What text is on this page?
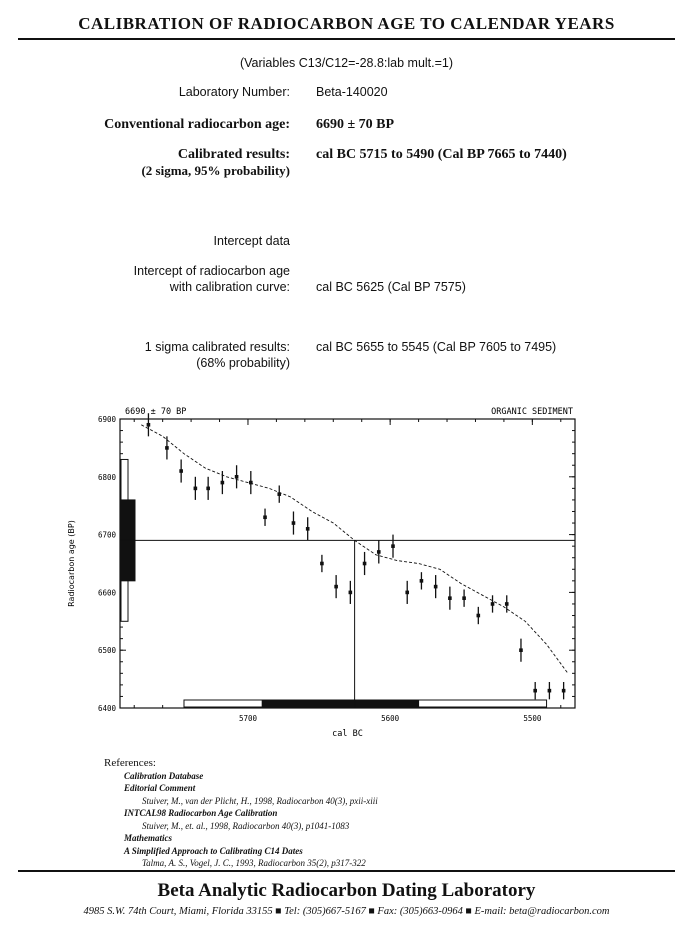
CALIBRATION OF RADIOCARBON AGE TO CALENDAR YEARS
(Variables C13/C12=-28.8:lab mult.=1)
Laboratory Number: Beta-140020
Conventional radiocarbon age: 6690 ± 70 BP
Calibrated results:
(2 sigma, 95% probability)
cal BC 5715 to 5490 (Cal BP 7665 to 7440)
Intercept data
Intercept of radiocarbon age
with calibration curve: cal BC 5625 (Cal BP 7575)
1 sigma calibrated results:
(68% probability)
cal BC 5655 to 5545 (Cal BP 7605 to 7495)
6690 ± 70 BP	ORGANIC SEDIMENT
6400
6500
6600
6700
6800
6900
5700	5600	5500
cal BC
Radiocarbon age (BP)
References:
Calibration Database
Editorial Comment
Stuiver, M., van der Plicht, H., 1998, Radiocarbon 40(3), pxii-xiii
INTCAL98 Radiocarbon Age Calibration
Stuiver, M., et. al., 1998, Radiocarbon 40(3), p1041-1083
Mathematics
A Simplified Approach to Calibrating C14 Dates
Talma, A. S., Vogel, J. C., 1993, Radiocarbon 35(2), p317-322
Beta Analytic Radiocarbon Dating Laboratory
4985 S.W. 74th Court, Miami, Florida 33155 ■ Tel: (305)667-5167 ■ Fax: (305)663-0964 ■ E-mail: beta@radiocarbon.com
